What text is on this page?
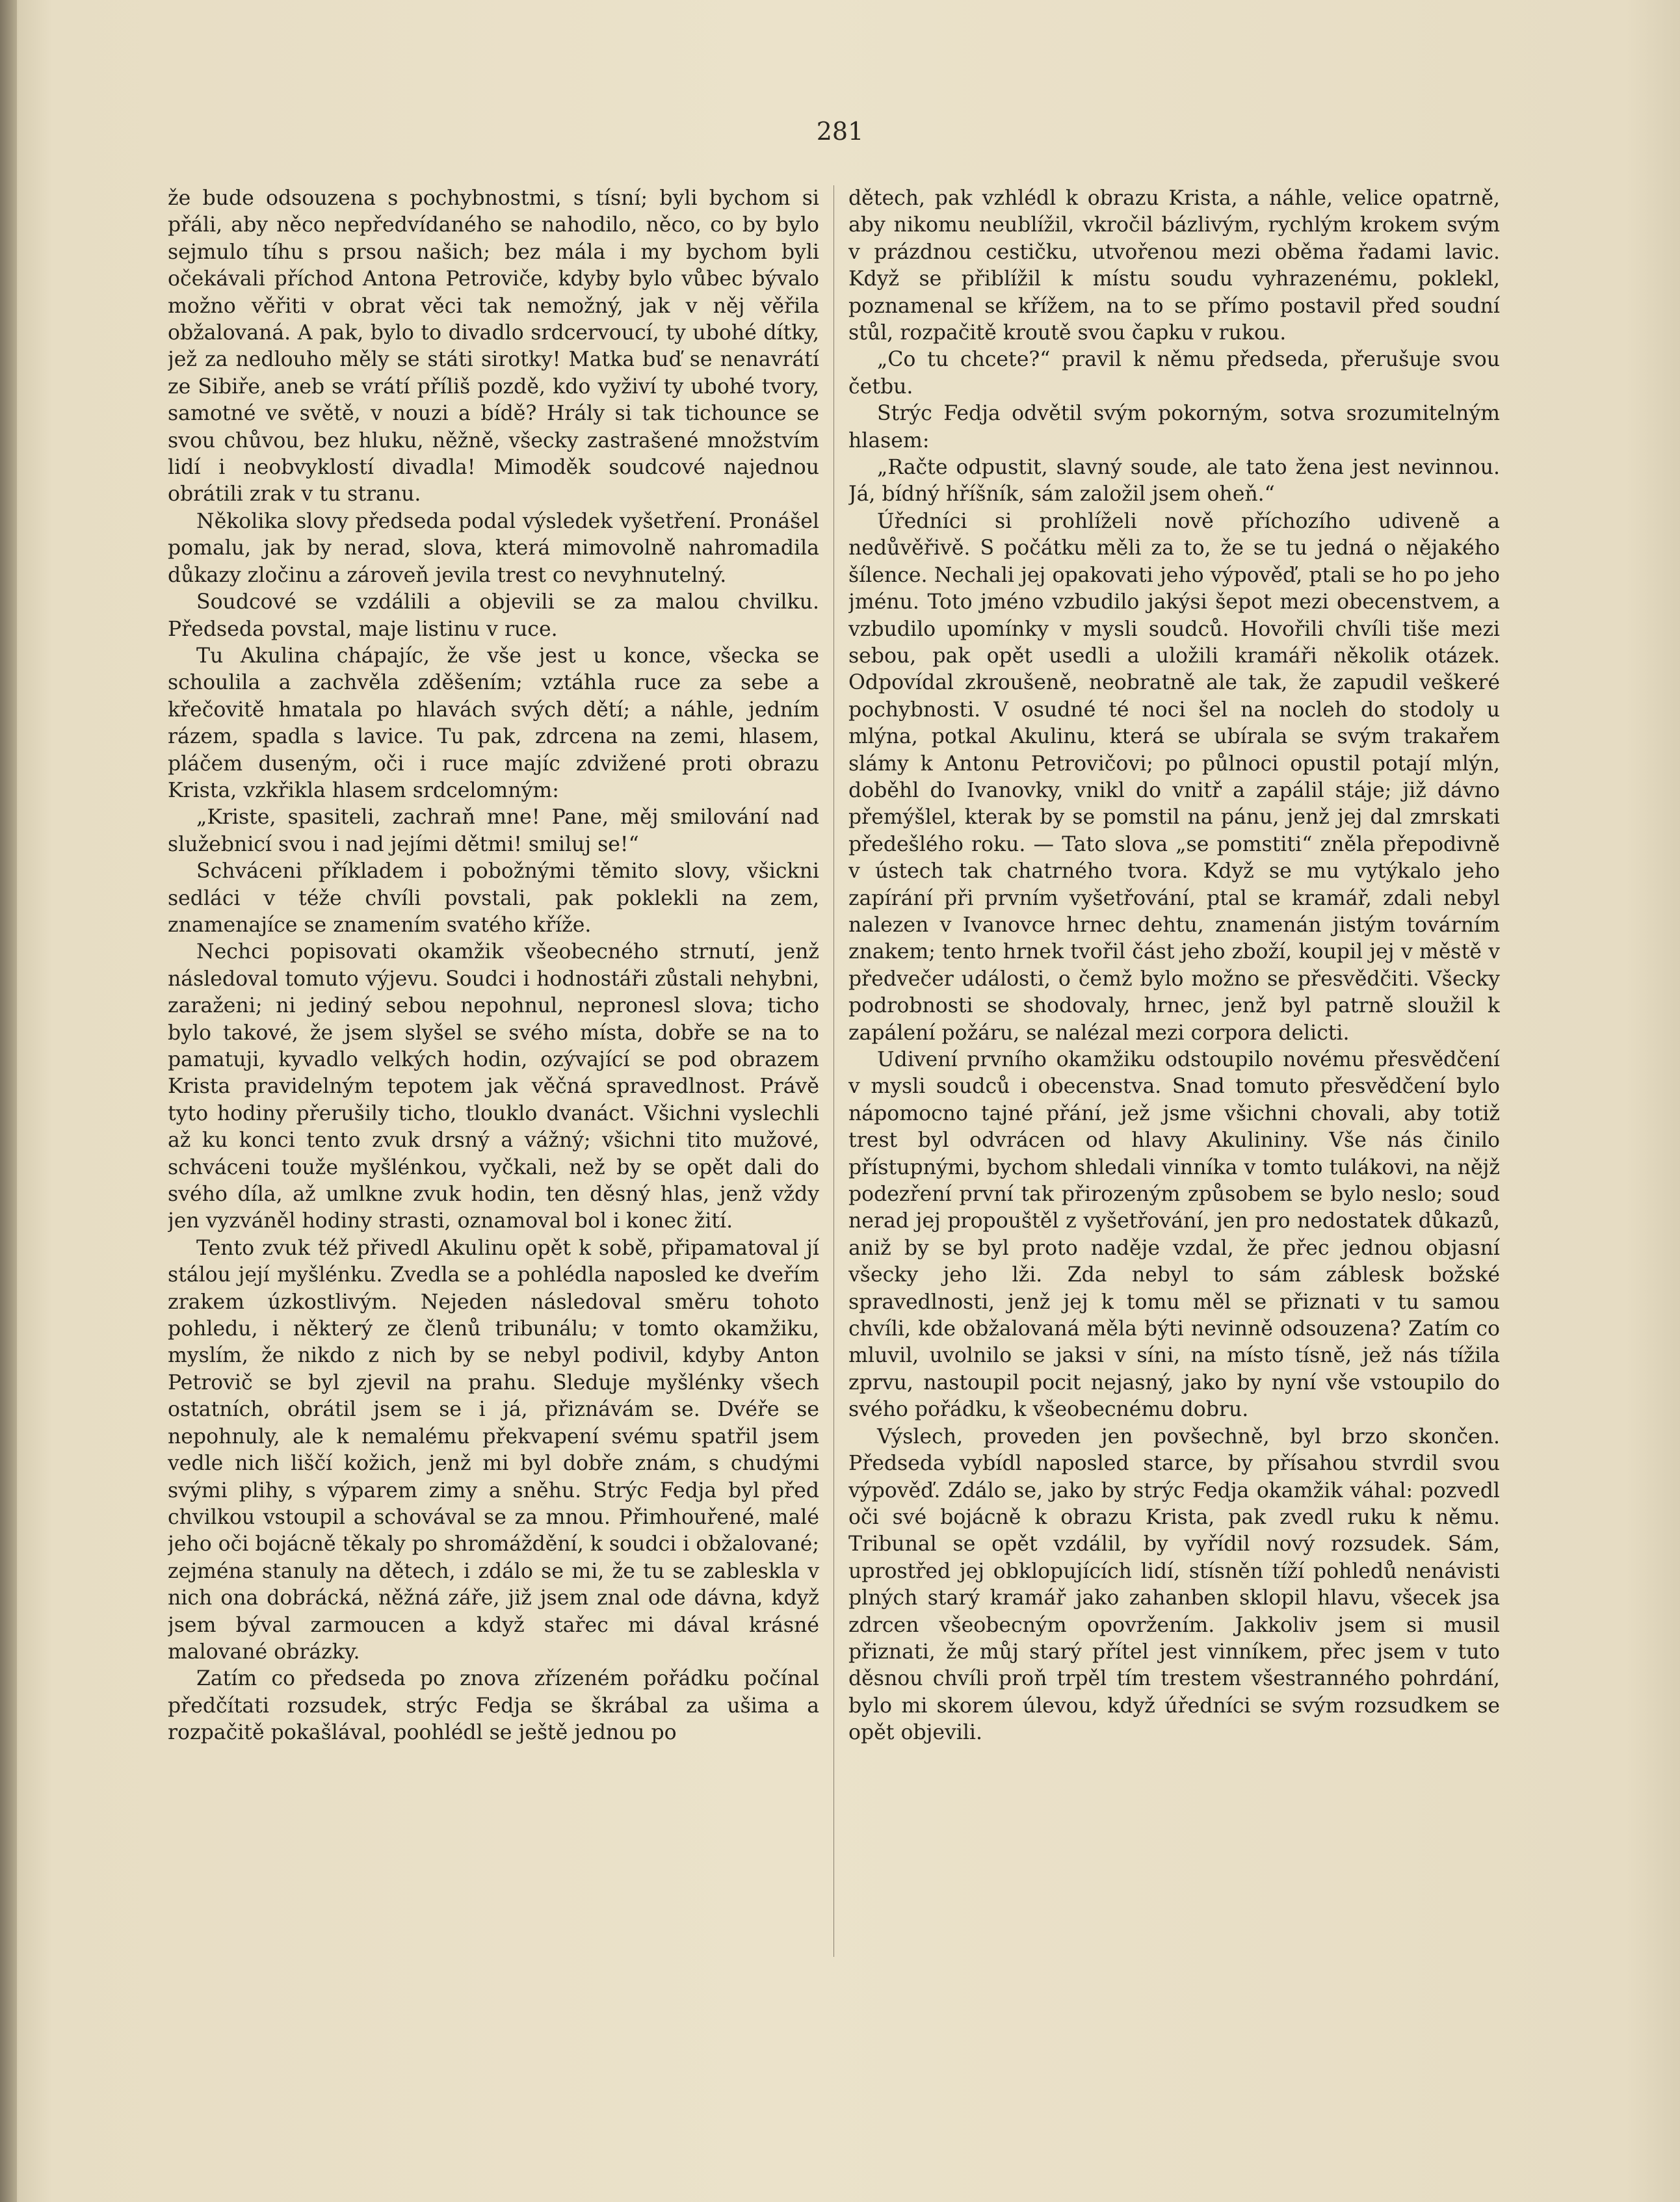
281

že bude odsouzena s pochybnostmi, s tísní; byli bychom si přáli, aby něco nepředvídaného se nahodilo, něco, co by bylo sejmulo tíhu s prsou našich; bez mála i my bychom byli očekávali příchod Antona Petroviče, kdyby bylo vůbec bývalo možno věřiti v obrat věci tak nemožný, jak v něj věřila obžalovaná. A pak, bylo to divadlo srdcervoucí, ty ubohé dítky, jež za nedlouho měly se státi sirotky! Matka buď se nenavrátí ze Sibiře, aneb se vrátí příliš pozdě, kdo vyživí ty ubohé tvory, samotné ve světě, v nouzi a bídě? Hrály si tak tichounce se svou chůvou, bez hluku, něžně, všecky zastrašené množstvím lidí i neobvyklostí divadla! Mimoděk soudcové najednou obrátili zrak v tu stranu.

Několika slovy předseda podal výsledek vyšetření. Pronášel pomalu, jak by nerad, slova, která mimovolně nahromadila důkazy zločinu a zároveň jevila trest co nevyhnutelný.

Soudcové se vzdálili a objevili se za malou chvilku. Předseda povstal, maje listinu v ruce.

Tu Akulina chápajíc, že vše jest u konce, všecka se schoulila a zachvěla zděšením; vztáhla ruce za sebe a křečovitě hmatala po hlavách svých dětí; a náhle, jedním rázem, spadla s lavice. Tu pak, zdrcena na zemi, hlasem, pláčem duseným, oči i ruce majíc zdvižené proti obrazu Krista, vzkřikla hlasem srdcelomným:

„Kriste, spasiteli, zachraň mne! Pane, měj smilování nad služebnicí svou i nad jejími dětmi! smiluj se!“

Schváceni příkladem i pobožnými těmito slovy, všickni sedláci v téže chvíli povstali, pak poklekli na zem, znamenajíce se znamením svatého kříže.

Nechci popisovati okamžik všeobecného strnutí, jenž následoval tomuto výjevu. Soudci i hodnostáři zůstali nehybni, zaraženi; ni jediný sebou nepohnul, nepronesl slova; ticho bylo takové, že jsem slyšel se svého místa, dobře se na to pamatuji, kyvadlo velkých hodin, ozývající se pod obrazem Krista pravidelným tepotem jak věčná spravedlnost. Právě tyto hodiny přerušily ticho, tlouklo dvanáct. Všichni vyslechli až ku konci tento zvuk drsný a vážný; všichni tito mužové, schváceni touže myšlénkou, vyčkali, než by se opět dali do svého díla, až umlkne zvuk hodin, ten děsný hlas, jenž vždy jen vyzváněl hodiny strasti, oznamoval bol i konec žití.

Tento zvuk též přivedl Akulinu opět k sobě, připamatoval jí stálou její myšlénku. Zvedla se a pohlédla naposled ke dveřím zrakem úzkostlivým. Nejeden následoval směru tohoto pohledu, i některý ze členů tribunálu; v tomto okamžiku, myslím, že nikdo z nich by se nebyl podivil, kdyby Anton Petrovič se byl zjevil na prahu. Sleduje myšlénky všech ostatních, obrátil jsem se i já, přiznávám se. Dvéře se nepohnuly, ale k nemalému překvapení svému spatřil jsem vedle nich liščí kožich, jenž mi byl dobře znám, s chudými svými plihy, s výparem zimy a sněhu. Strýc Fedja byl před chvilkou vstoupil a schovával se za mnou. Přimhouřené, malé jeho oči bojácně těkaly po shromáždění, k soudci i obžalované; zejména stanuly na dětech, i zdálo se mi, že tu se zableskla v nich ona dobrácká, něžná záře, již jsem znal ode dávna, když jsem býval zarmoucen a když stařec mi dával krásné malované obrázky.

Zatím co předseda po znova zřízeném pořádku počínal předčítati rozsudek, strýc Fedja se škrábal za ušima a rozpačitě pokašlával, poohlédl se ještě jednou po

dětech, pak vzhlédl k obrazu Krista, a náhle, velice opatrně, aby nikomu neublížil, vkročil bázlivým, rychlým krokem svým v prázdnou cestičku, utvořenou mezi oběma řadami lavic. Když se přiblížil k místu soudu vyhrazenému, poklekl, poznamenal se křížem, na to se přímo postavil před soudní stůl, rozpačitě kroutě svou čapku v rukou.

„Co tu chcete?“ pravil k němu předseda, přerušuje svou četbu.

Strýc Fedja odvětil svým pokorným, sotva srozumitelným hlasem:

„Račte odpustit, slavný soude, ale tato žena jest nevinnou. Já, bídný hříšník, sám založil jsem oheň.“

Úředníci si prohlíželi nově příchozího udiveně a nedůvěřivě. S počátku měli za to, že se tu jedná o nějakého šílence. Nechali jej opakovati jeho výpověď, ptali se ho po jeho jménu. Toto jméno vzbudilo jakýsi šepot mezi obecenstvem, a vzbudilo upomínky v mysli soudců. Hovořili chvíli tiše mezi sebou, pak opět usedli a uložili kramáři několik otázek. Odpovídal zkroušeně, neobratně ale tak, že zapudil veškeré pochybnosti. V osudné té noci šel na nocleh do stodoly u mlýna, potkal Akulinu, která se ubírala se svým trakařem slámy k Antonu Petrovičovi; po půlnoci opustil potají mlýn, doběhl do Ivanovky, vnikl do vnitř a zapálil stáje; již dávno přemýšlel, kterak by se pomstil na pánu, jenž jej dal zmrskati předešlého roku. — Tato slova „se pomstiti“ zněla přepodivně v ústech tak chatrného tvora. Když se mu vytýkalo jeho zapírání při prvním vyšetřování, ptal se kramář, zdali nebyl nalezen v Ivanovce hrnec dehtu, znamenán jistým továrním znakem; tento hrnek tvořil část jeho zboží, koupil jej v městě v předvečer události, o čemž bylo možno se přesvědčiti. Všecky podrobnosti se shodovaly, hrnec, jenž byl patrně sloužil k zapálení požáru, se nalézal mezi corpora delicti.

Udivení prvního okamžiku odstoupilo novému přesvědčení v mysli soudců i obecenstva. Snad tomuto přesvědčení bylo nápomocno tajné přání, jež jsme všichni chovali, aby totiž trest byl odvrácen od hlavy Akulininy. Vše nás činilo přístupnými, bychom shledali vinníka v tomto tulákovi, na nějž podezření první tak přirozeným způsobem se bylo neslo; soud nerad jej propouštěl z vyšetřování, jen pro nedostatek důkazů, aniž by se byl proto naděje vzdal, že přec jednou objasní všecky jeho lži. Zda nebyl to sám záblesk božské spravedlnosti, jenž jej k tomu měl se přiznati v tu samou chvíli, kde obžalovaná měla býti nevinně odsouzena? Zatím co mluvil, uvolnilo se jaksi v síni, na místo tísně, jež nás tížila zprvu, nastoupil pocit nejasný, jako by nyní vše vstoupilo do svého pořádku, k všeobecnému dobru.

Výslech, proveden jen povšechně, byl brzo skončen. Předseda vybídl naposled starce, by přísahou stvrdil svou výpověď. Zdálo se, jako by strýc Fedja okamžik váhal: pozvedl oči své bojácně k obrazu Krista, pak zvedl ruku k němu. Tribunal se opět vzdálil, by vyřídil nový rozsudek. Sám, uprostřed jej obklopujících lidí, stísněn tíží pohledů nenávisti plných starý kramář jako zahanben sklopil hlavu, všecek jsa zdrcen všeobecným opovržením. Jakkoliv jsem si musil přiznati, že můj starý přítel jest vinníkem, přec jsem v tuto děsnou chvíli proň trpěl tím trestem všestranného pohrdání, bylo mi skorem úlevou, když úředníci se svým rozsudkem se opět objevili.
